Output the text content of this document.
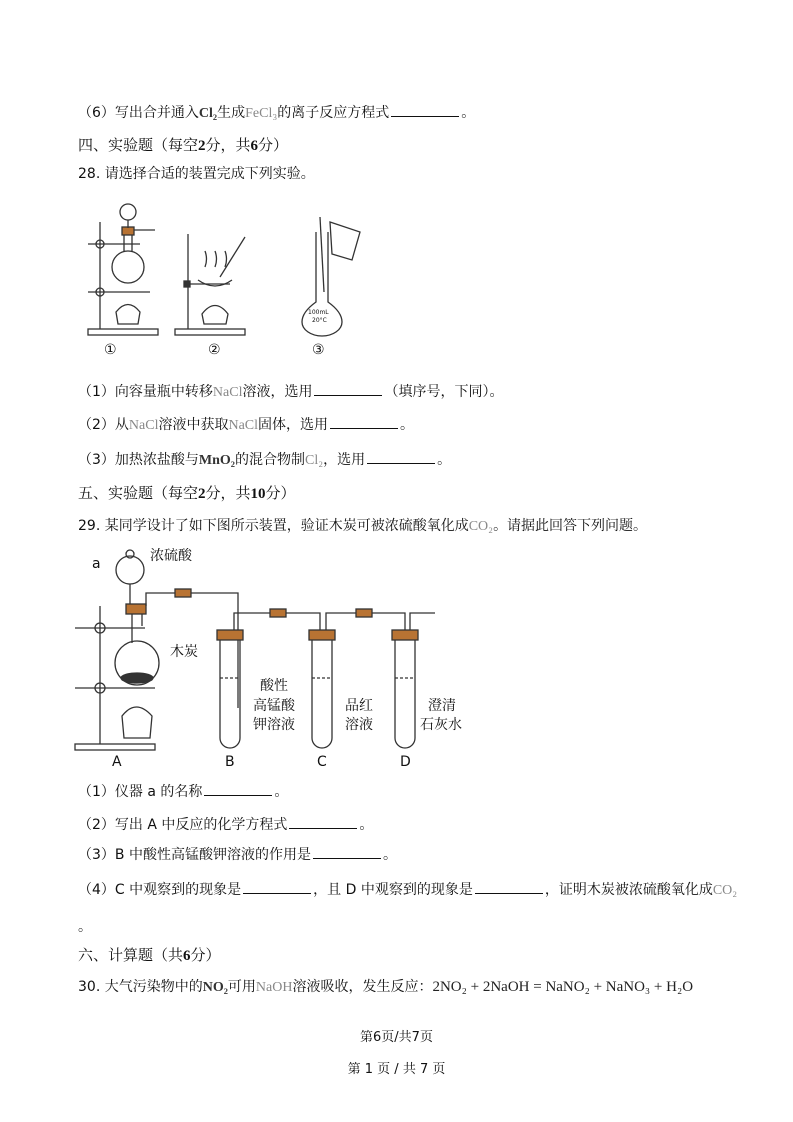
（6）写出合并通入Cl₂生成FeCl₃的离子反应方程式	。
四、实验题（每空2分，共6分）
28. 请选择合适的装置完成下列实验。
①	②
100mL
20°C
③
（1）向容量瓶中转移NaCl溶液，选用	（填序号，下同）。
（2）从NaCl溶液中获取NaCl固体，选用	。
（3）加热浓盐酸与MnO₂的混合物制Cl₂，选用	。
五、实验题（每空2分，共10分）
29. 某同学设计了如下图所示装置，验证木炭可被浓硫酸氧化成CO₂。请据此回答下列问题。
a	浓硫酸
木炭
酸性
高锰酸
钾溶液
品红
溶液
澄清
石灰水
A	B	C	D
（1）仪器 a 的名称	。
（2）写出 A 中反应的化学方程式	。
（3）B 中酸性高锰酸钾溶液的作用是	。
（4）C 中观察到的现象是	，且 D 中观察到的现象是	，证明木炭被浓硫酸氧化成CO₂
。
六、计算题（共6分）
30. 大气污染物中的NO₂可用NaOH溶液吸收，发生反应：2NO₂ + 2NaOH = NaNO₂ + NaNO₃ + H₂O
第6页/共7页
第 1 页 / 共 7 页
